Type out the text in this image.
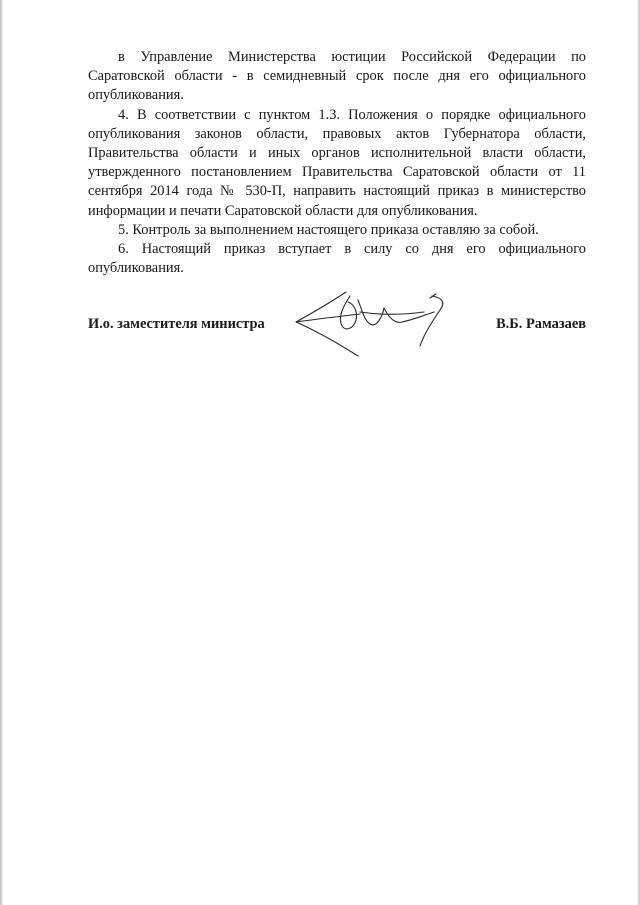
в Управление Министерства юстиции Российской Федерации по Саратовской области - в семидневный срок после дня его официального опубликования.

4. В соответствии с пунктом 1.3. Положения о порядке официального опубликования законов области, правовых актов Губернатора области, Правительства области и иных органов исполнительной власти области, утвержденного постановлением Правительства Саратовской области от 11 сентября 2014 года № 530-П, направить настоящий приказ в министерство информации и печати Саратовской области для опубликования.

5. Контроль за выполнением настоящего приказа оставляю за собой.

6. Настоящий приказ вступает в силу со дня его официального опубликования.

И.о. заместителя министра	В.Б. Рамазаев
